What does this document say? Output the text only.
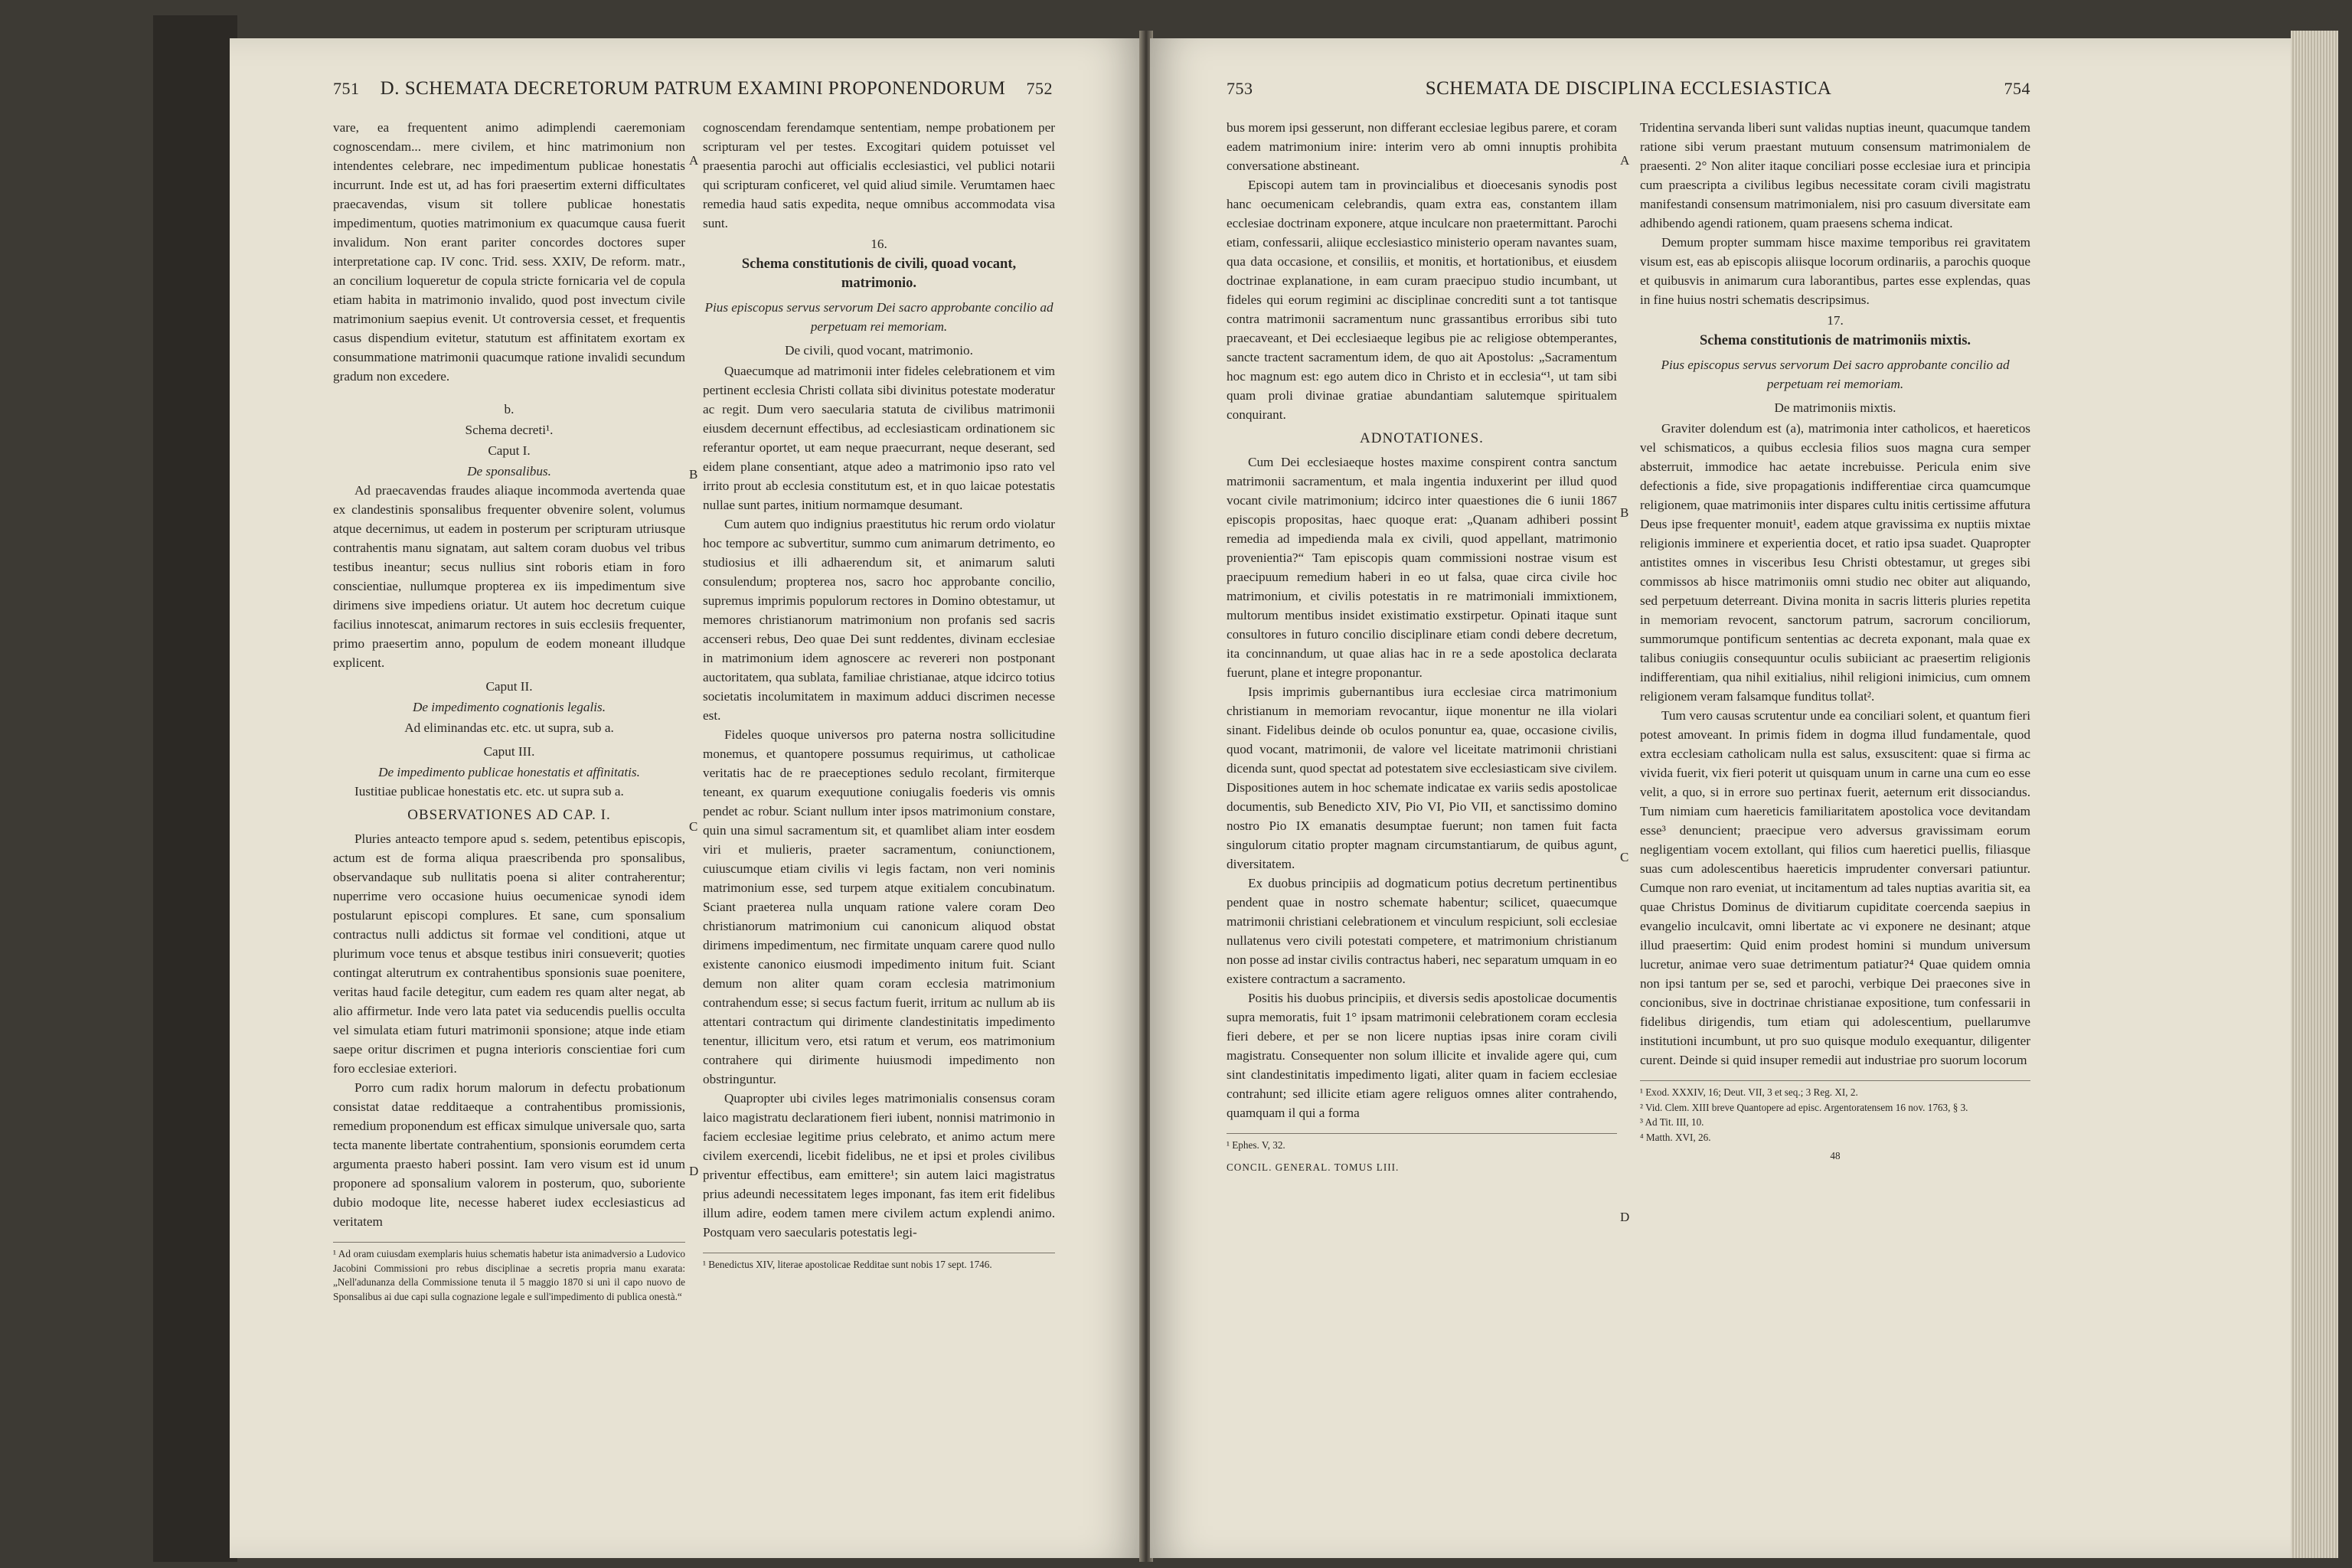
751 D. SCHEMATA DECRETORUM PATRUM EXAMINI PROPONENDORUM 752

vare, ea frequentent animo adimplendi caeremoniam cognoscendam... mere civilem, et hinc matrimonium non intendentes celebrare, nec impedimentum publicae honestatis incurrunt. Inde est ut, ad has fori praesertim externi difficultates praecavendas, visum sit tollere publicae honestatis impedimentum, quoties matrimonium ex quacumque causa fuerit invalidum. Non erant pariter concordes doctores super interpretatione cap. IV conc. Trid. sess. XXIV, De reform. matr., an concilium loqueretur de copula stricte fornicaria vel de copula etiam habita in matrimonio invalido, quod post invectum civile matrimonium saepius evenit. Ut controversia cesset, et frequentis casus dispendium evitetur, statutum est affinitatem exortam ex consummatione matrimonii quacumque ratione invalidi secundum gradum non excedere.

b.

Schema decreti¹.

Caput I.

De sponsalibus.

Ad praecavendas fraudes aliaque incommoda avertenda quae ex clandestinis sponsalibus frequenter obvenire solent, volumus atque decernimus, ut eadem in posterum per scripturam utriusque contrahentis manu signatam, aut saltem coram duobus vel tribus testibus ineantur; secus nullius sint roboris etiam in foro conscientiae, nullumque propterea ex iis impedimentum sive dirimens sive impediens oriatur. Ut autem hoc decretum cuique facilius innotescat, animarum rectores in suis ecclesiis frequenter, primo praesertim anno, populum de eodem moneant illudque explicent.

Caput II.

De impedimento cognationis legalis.

Ad eliminandas etc. etc. ut supra, sub a.

Caput III.

De impedimento publicae honestatis et affinitatis.

Iustitiae publicae honestatis etc. etc. ut supra sub a.

OBSERVATIONES AD CAP. I.

Pluries anteacto tempore apud s. sedem, petentibus episcopis, actum est de forma aliqua praescribenda pro sponsalibus, observandaque sub nullitatis poena si aliter contraherentur; nuperrime vero occasione huius oecumenicae synodi idem postularunt episcopi complures. Et sane, cum sponsalium contractus nulli addictus sit formae vel conditioni, atque ut plurimum voce tenus et absque testibus iniri consueverit; quoties contingat alterutrum ex contrahentibus sponsionis suae poenitere, veritas haud facile detegitur, cum eadem res quam alter negat, ab alio affirmetur. Inde vero lata patet via seducendis puellis occulta vel simulata etiam futuri matrimonii sponsione; atque inde etiam saepe oritur discrimen et pugna interioris conscientiae fori cum foro ecclesiae exteriori.

Porro cum radix horum malorum in defectu probationum consistat datae redditaeque a contrahentibus promissionis, remedium proponendum est efficax simulque universale quo, sarta tecta manente libertate contrahentium, sponsionis eorumdem certa argumenta praesto haberi possint. Iam vero visum est id unum proponere ad sponsalium valorem in posterum, quo, suboriente dubio modoque lite, necesse haberet iudex ecclesiasticus ad veritatem

¹ Ad oram cuiusdam exemplaris huius schematis habetur ista animadversio a Ludovico Jacobini Commissioni pro rebus disciplinae a secretis propria manu exarata: „Nell'adunanza della Commissione tenuta il 5 maggio 1870 si unì il capo nuovo de Sponsalibus ai due capi sulla cognazione legale e sull'impedimento di publica onestà.“
A
B
C
D

cognoscendam ferendamque sententiam, nempe probationem per scripturam vel per testes. Excogitari quidem potuisset vel praesentia parochi aut officialis ecclesiastici, vel publici notarii qui scripturam conficeret, vel quid aliud simile. Verumtamen haec remedia haud satis expedita, neque omnibus accommodata visa sunt.

16.

Schema constitutionis de civili, quoad vocant, matrimonio.

Pius episcopus servus servorum Dei sacro approbante concilio ad perpetuam rei memoriam.

De civili, quod vocant, matrimonio.

Quaecumque ad matrimonii inter fideles celebrationem et vim pertinent ecclesia Christi collata sibi divinitus potestate moderatur ac regit. Dum vero saecularia statuta de civilibus matrimonii eiusdem decernunt effectibus, ad ecclesiasticam ordinationem sic referantur oportet, ut eam neque praecurrant, neque deserant, sed eidem plane consentiant, atque adeo a matrimonio ipso rato vel irrito prout ab ecclesia constitutum est, et in quo laicae potestatis nullae sunt partes, initium normamque desumant.

Cum autem quo indignius praestitutus hic rerum ordo violatur hoc tempore ac subvertitur, summo cum animarum detrimento, eo studiosius et illi adhaerendum sit, et animarum saluti consulendum; propterea nos, sacro hoc approbante concilio, supremus imprimis populorum rectores in Domino obtestamur, ut memores christianorum matrimonium non profanis sed sacris accenseri rebus, Deo quae Dei sunt reddentes, divinam ecclesiae in matrimonium idem agnoscere ac revereri non postponant auctoritatem, qua sublata, familiae christianae, atque idcirco totius societatis incolumitatem in maximum adduci discrimen necesse est.

Fideles quoque universos pro paterna nostra sollicitudine monemus, et quantopere possumus requirimus, ut catholicae veritatis hac de re praeceptiones sedulo recolant, firmiterque teneant, ex quarum exequutione coniugalis foederis vis omnis pendet ac robur. Sciant nullum inter ipsos matrimonium constare, quin una simul sacramentum sit, et quamlibet aliam inter eosdem viri et mulieris, praeter sacramentum, coniunctionem, cuiuscumque etiam civilis vi legis factam, non veri nominis matrimonium esse, sed turpem atque exitialem concubinatum. Sciant praeterea nulla unquam ratione valere coram Deo christianorum matrimonium cui canonicum aliquod obstat dirimens impedimentum, nec firmitate unquam carere quod nullo existente canonico eiusmodi impedimento initum fuit. Sciant demum non aliter quam coram ecclesia matrimonium contrahendum esse; si secus factum fuerit, irritum ac nullum ab iis attentari contractum qui dirimente clandestinitatis impedimento tenentur, illicitum vero, etsi ratum et verum, eos matrimonium contrahere qui dirimente huiusmodi impedimento non obstringuntur.

Quapropter ubi civiles leges matrimonialis consensus coram laico magistratu declarationem fieri iubent, nonnisi matrimonio in faciem ecclesiae legitime prius celebrato, et animo actum mere civilem exercendi, licebit fidelibus, ne et ipsi et proles civilibus priventur effectibus, eam emittere¹; sin autem laici magistratus prius adeundi necessitatem leges imponant, fas item erit fidelibus illum adire, eodem tamen mere civilem actum explendi animo. Postquam vero saecularis potestatis legi-

¹ Benedictus XIV, literae apostolicae Redditae sunt nobis 17 sept. 1746.
753	SCHEMATA DE DISCIPLINA ECCLESIASTICA	754

bus morem ipsi gesserunt, non differant ecclesiae legibus parere, et coram eadem matrimonium inire: interim vero ab omni innuptis prohibita conversatione abstineant.

Episcopi autem tam in provincialibus et dioecesanis synodis post hanc oecumenicam celebrandis, quam extra eas, constantem illam ecclesiae doctrinam exponere, atque inculcare non praetermittant. Parochi etiam, confessarii, aliique ecclesiastico ministerio operam navantes suam, qua data occasione, et consiliis, et monitis, et hortationibus, et eiusdem doctrinae explanatione, in eam curam praecipuo studio incumbant, ut fideles qui eorum regimini ac disciplinae concrediti sunt a tot tantisque contra matrimonii sacramentum nunc grassantibus erroribus sibi tuto praecaveant, et Dei ecclesiaeque legibus pie ac religiose obtemperantes, sancte tractent sacramentum idem, de quo ait Apostolus: „Sacramentum hoc magnum est: ego autem dico in Christo et in ecclesia“¹, ut tam sibi quam proli divinae gratiae abundantiam salutemque spiritualem conquirant.

ADNOTATIONES.

Cum Dei ecclesiaeque hostes maxime conspirent contra sanctum matrimonii sacramentum, et mala ingentia induxerint per illud quod vocant civile matrimonium; idcirco inter quaestiones die 6 iunii 1867 episcopis propositas, haec quoque erat: „Quanam adhiberi possint remedia ad impedienda mala ex civili, quod appellant, matrimonio provenientia?“ Tam episcopis quam commissioni nostrae visum est praecipuum remedium haberi in eo ut falsa, quae circa civile hoc matrimonium, et civilis potestatis in re matrimoniali immixtionem, multorum mentibus insidet existimatio exstirpetur. Opinati itaque sunt consultores in futuro concilio disciplinare etiam condi debere decretum, ita concinnandum, ut quae alias hac in re a sede apostolica declarata fuerunt, plane et integre proponantur.

Ipsis imprimis gubernantibus iura ecclesiae circa matrimonium christianum in memoriam revocantur, iique monentur ne illa violari sinant. Fidelibus deinde ob oculos ponuntur ea, quae, occasione civilis, quod vocant, matrimonii, de valore vel liceitate matrimonii christiani dicenda sunt, quod spectat ad potestatem sive ecclesiasticam sive civilem. Dispositiones autem in hoc schemate indicatae ex variis sedis apostolicae documentis, sub Benedicto XIV, Pio VI, Pio VII, et sanctissimo domino nostro Pio IX emanatis desumptae fuerunt; non tamen fuit facta singulorum citatio propter magnam circumstantiarum, de quibus agunt, diversitatem.

Ex duobus principiis ad dogmaticum potius decretum pertinentibus pendent quae in nostro schemate habentur; scilicet, quaecumque matrimonii christiani celebrationem et vinculum respiciunt, soli ecclesiae nullatenus vero civili potestati competere, et matrimonium christianum non posse ad instar civilis contractus haberi, nec separatum umquam in eo existere contractum a sacramento.

Positis his duobus principiis, et diversis sedis apostolicae documentis supra memoratis, fuit 1° ipsam matrimonii celebrationem coram ecclesia fieri debere, et per se non licere nuptias ipsas inire coram civili magistratu. Consequenter non solum illicite et invalide agere qui, cum sint clandestinitatis impedimento ligati, aliter quam in faciem ecclesiae contrahunt; sed illicite etiam agere religuos omnes aliter contrahendo, quamquam il qui a forma

¹ Ephes. V, 32.
CONCIL. GENERAL. TOMUS LIII.
A
B
C
D

Tridentina servanda liberi sunt validas nuptias ineunt, quacumque tandem ratione sibi verum praestant mutuum consensum matrimonialem de praesenti. 2° Non aliter itaque conciliari posse ecclesiae iura et principia cum praescripta a civilibus legibus necessitate coram civili magistratu manifestandi consensum matrimonialem, nisi pro casuum diversitate eam adhibendo agendi rationem, quam praesens schema indicat.

Demum propter summam hisce maxime temporibus rei gravitatem visum est, eas ab episcopis aliisque locorum ordinariis, a parochis quoque et quibusvis in animarum cura laborantibus, partes esse explendas, quas in fine huius nostri schematis descripsimus.

17.

Schema constitutionis de matrimoniis mixtis.

Pius episcopus servus servorum Dei sacro approbante concilio ad perpetuam rei memoriam.

De matrimoniis mixtis.

Graviter dolendum est (a), matrimonia inter catholicos, et haereticos vel schismaticos, a quibus ecclesia filios suos magna cura semper absterruit, immodice hac aetate increbuisse. Pericula enim sive defectionis a fide, sive propagationis indifferentiae circa quamcumque religionem, quae matrimoniis inter dispares cultu initis certissime affutura Deus ipse frequenter monuit¹, eadem atque gravissima ex nuptiis mixtae religionis imminere et experientia docet, et ratio ipsa suadet. Quapropter antistites omnes in visceribus Iesu Christi obtestamur, ut greges sibi commissos ab hisce matrimoniis omni studio nec obiter aut aliquando, sed perpetuum deterreant. Divina monita in sacris litteris pluries repetita in memoriam revocent, sanctorum patrum, sacrorum conciliorum, summorumque pontificum sententias ac decreta exponant, mala quae ex talibus coniugiis consequuntur oculis subiiciant ac praesertim religionis indifferentiam, qua nihil exitialius, nihil religioni inimicius, cum omnem religionem veram falsamque funditus tollat².

Tum vero causas scrutentur unde ea conciliari solent, et quantum fieri potest amoveant. In primis fidem in dogma illud fundamentale, quod extra ecclesiam catholicam nulla est salus, exsuscitent: quae si firma ac vivida fuerit, vix fieri poterit ut quisquam unum in carne una cum eo esse velit, a quo, si in errore suo pertinax fuerit, aeternum erit dissociandus. Tum nimiam cum haereticis familiaritatem apostolica voce devitandam esse³ denuncient; praecipue vero adversus gravissimam eorum negligentiam vocem extollant, qui filios cum haeretici puellis, filiasque suas cum adolescentibus haereticis imprudenter conversari patiuntur. Cumque non raro eveniat, ut incitamentum ad tales nuptias avaritia sit, ea quae Christus Dominus de divitiarum cupiditate coercenda saepius in evangelio inculcavit, omni libertate ac vi exponere ne desinant; atque illud praesertim: Quid enim prodest homini si mundum universum lucretur, animae vero suae detrimentum patiatur?⁴ Quae quidem omnia non ipsi tantum per se, sed et parochi, verbique Dei praecones sive in concionibus, sive in doctrinae christianae expositione, tum confessarii in fidelibus dirigendis, tum etiam qui adolescentium, puellarumve institutioni incumbunt, ut pro suo quisque modulo exequantur, diligenter curent. Deinde si quid insuper remedii aut industriae pro suorum locorum

¹ Exod. XXXIV, 16; Deut. VII, 3 et seq.; 3 Reg. XI, 2.
² Vid. Clem. XIII breve Quantopere ad episc. Argentoratensem 16 nov. 1763, § 3.
³ Ad Tit. III, 10.
⁴ Matth. XVI, 26.
48
